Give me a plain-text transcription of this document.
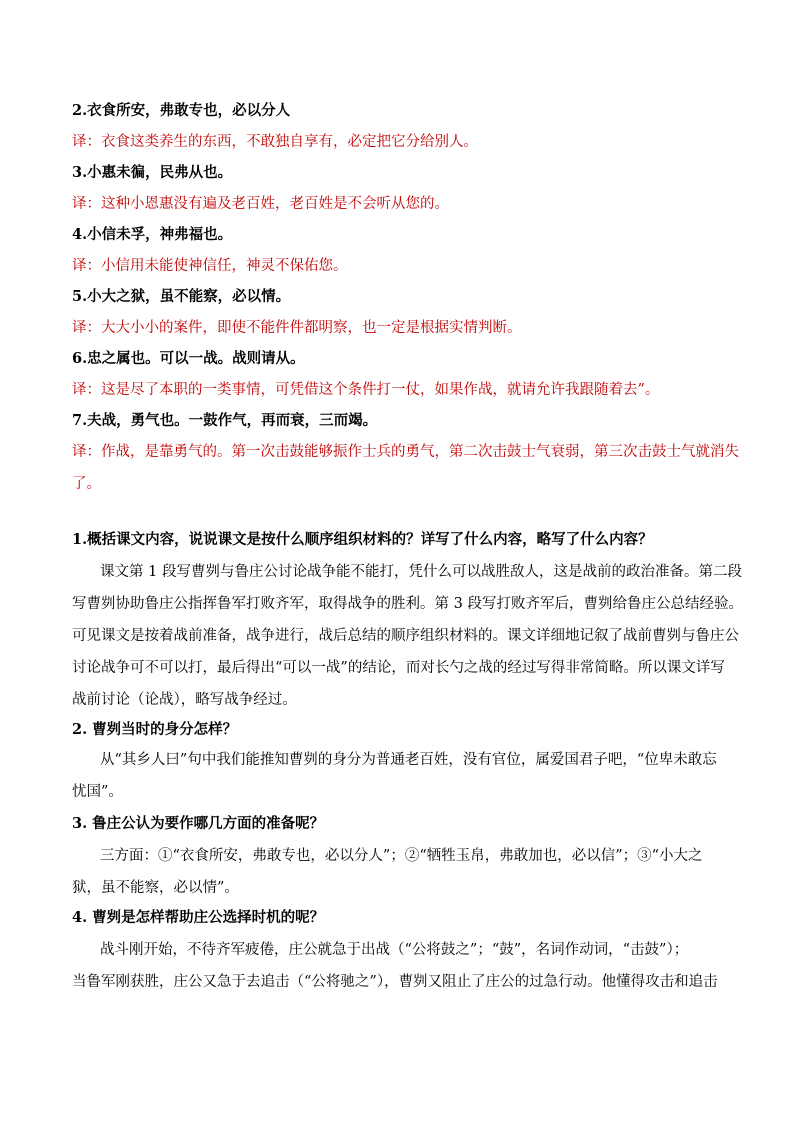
2.衣食所安，弗敢专也，必以分人
译：衣食这类养生的东西，不敢独自享有，必定把它分给别人。
3.小惠未徧，民弗从也。
译：这种小恩惠没有遍及老百姓，老百姓是不会听从您的。
4.小信未孚，神弗福也。
译：小信用未能使神信任，神灵不保佑您。
5.小大之狱，虽不能察，必以情。
译：大大小小的案件，即使不能件件都明察，也一定是根据实情判断。
6.忠之属也。可以一战。战则请从。
译：这是尽了本职的一类事情，可凭借这个条件打一仗，如果作战，就请允许我跟随着去”。
7.夫战，勇气也。一鼓作气，再而衰，三而竭。
译：作战，是靠勇气的。第一次击鼓能够振作士兵的勇气，第二次击鼓士气衰弱，第三次击鼓士气就消失
了。
1.概括课文内容，说说课文是按什么顺序组织材料的？详写了什么内容，略写了什么内容？
课文第 1 段写曹刿与鲁庄公讨论战争能不能打，凭什么可以战胜敌人，这是战前的政治准备。第二段
写曹刿协助鲁庄公指挥鲁军打败齐军，取得战争的胜利。第 3 段写打败齐军后，曹刿给鲁庄公总结经验。
可见课文是按着战前准备，战争进行，战后总结的顺序组织材料的。课文详细地记叙了战前曹刿与鲁庄公
讨论战争可不可以打，最后得出“可以一战”的结论，而对长勺之战的经过写得非常简略。所以课文详写
战前讨论（论战），略写战争经过。
2. 曹刿当时的身分怎样？
从“其乡人曰”句中我们能推知曹刿的身分为普通老百姓，没有官位，属爱国君子吧，“位卑未敢忘
忧国”。
3. 鲁庄公认为要作哪几方面的准备呢？
三方面：①“衣食所安，弗敢专也，必以分人”；②“牺牲玉帛，弗敢加也，必以信”；③“小大之
狱，虽不能察，必以情”。
4. 曹刿是怎样帮助庄公选择时机的呢？
战斗刚开始，不待齐军疲倦，庄公就急于出战（“公将鼓之”；“鼓”，名词作动词，“击鼓”）；
当鲁军刚获胜，庄公又急于去追击（“公将驰之”），曹刿又阻止了庄公的过急行动。他懂得攻击和追击
